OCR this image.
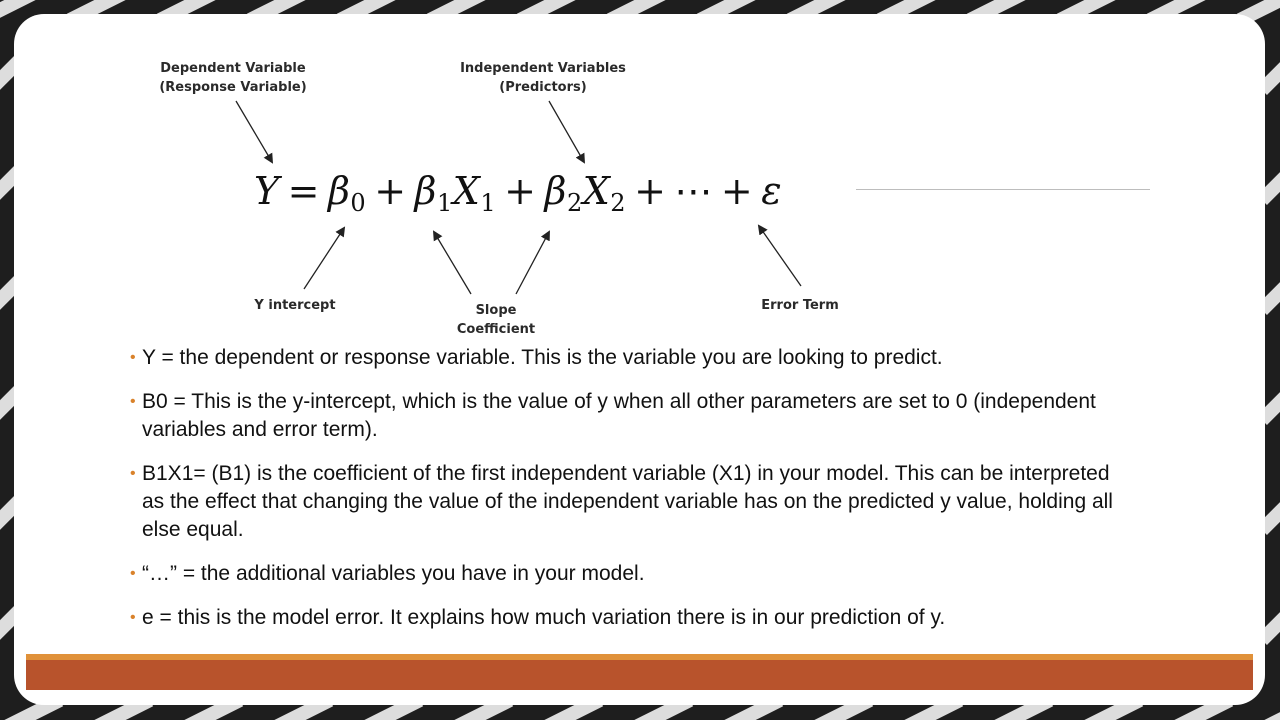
Dependent Variable
(Response Variable)
Independent Variables
(Predictors)
$Y = \beta_0 + \beta_1X_1 + \beta_2X_2$ + ⋯ + ε
Y intercept	Slope
Coefficient
Error Term
• Y = the dependent or response variable. This is the variable you are looking to predict.
• B0 = This is the y-intercept, which is the value of y when all other parameters are set to 0 (independent variables and error term).
• B1X1= (B1) is the coefficient of the first independent variable (X1) in your model. This can be interpreted as the effect that changing the value of the independent variable has on the predicted y value, holding all else equal.
• “…” = the additional variables you have in your model.
• e = this is the model error. It explains how much variation there is in our prediction of y.
